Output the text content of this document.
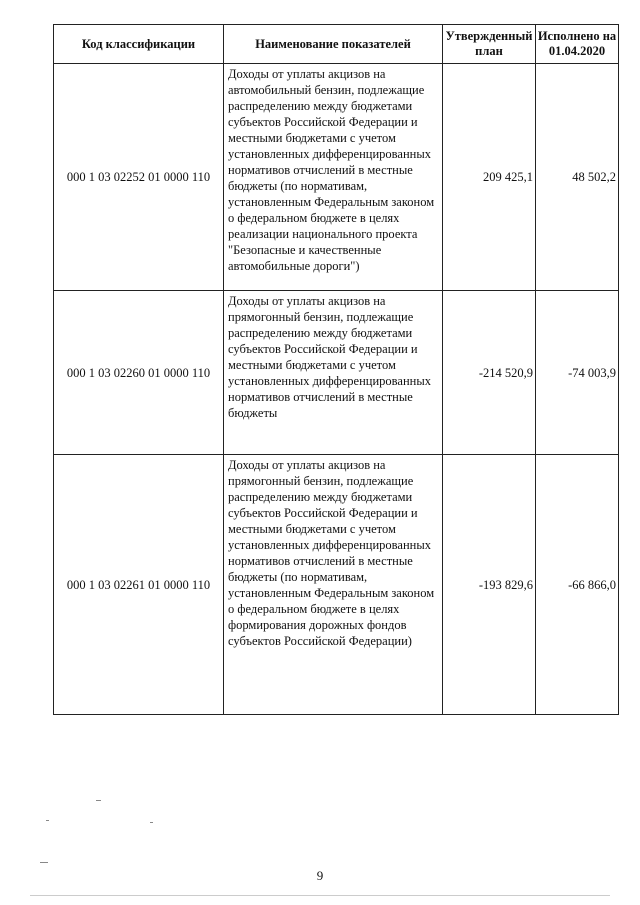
Код классификации	Наименование показателей	Утвержденный план	Исполнено на 01.04.2020
000 1 03 02252 01 0000 110	Доходы от уплаты акцизов на автомобильный бензин, подлежащие распределению между бюджетами субъектов Российской Федерации и местными бюджетами с учетом установленных дифференцированных нормативов отчислений в местные бюджеты (по нормативам, установленным Федеральным законом о федеральном бюджете в целях реализации национального проекта "Безопасные и качественные автомобильные дороги")	209 425,1	48 502,2
000 1 03 02260 01 0000 110	Доходы от уплаты акцизов на прямогонный бензин, подлежащие распределению между бюджетами субъектов Российской Федерации и местными бюджетами с учетом установленных дифференцированных нормативов отчислений в местные бюджеты	-214 520,9	-74 003,9
000 1 03 02261 01 0000 110	Доходы от уплаты акцизов на прямогонный бензин, подлежащие распределению между бюджетами субъектов Российской Федерации и местными бюджетами с учетом установленных дифференцированных нормативов отчислений в местные бюджеты (по нормативам, установленным Федеральным законом о федеральном бюджете в целях формирования дорожных фондов субъектов Российской Федерации)	-193 829,6	-66 866,0
9
